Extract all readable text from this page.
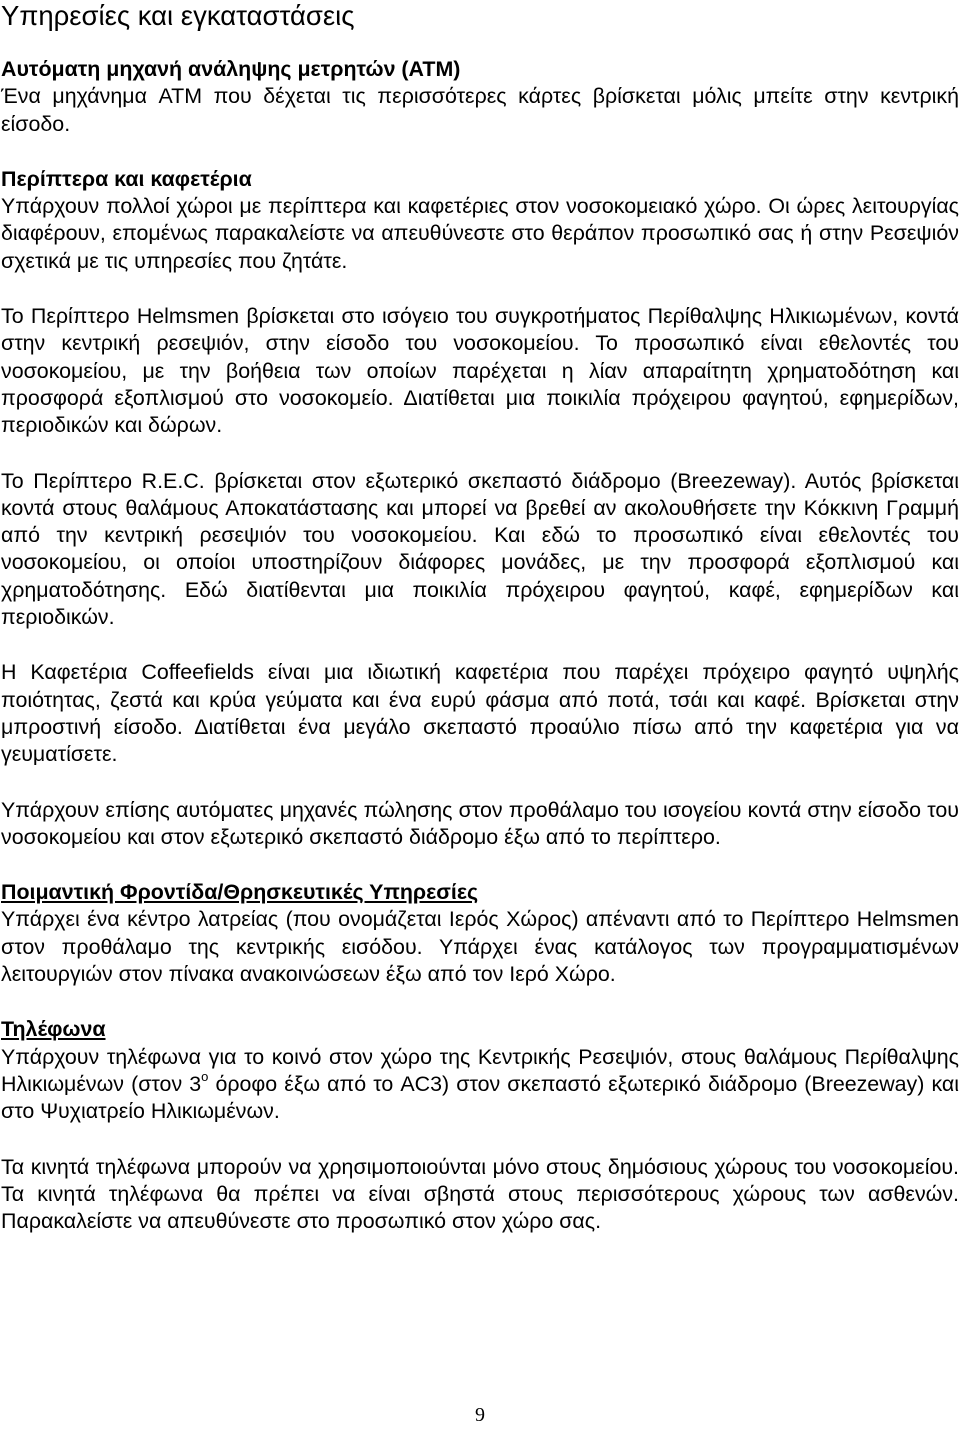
Υπηρεσίες και εγκαταστάσεις
Αυτόματη μηχανή ανάληψης μετρητών (ATM)

Ένα μηχάνημα ATM που δέχεται τις περισσότερες κάρτες βρίσκεται μόλις μπείτε στην κεντρική είσοδο.

Περίπτερα και καφετέρια

Υπάρχουν πολλοί χώροι με περίπτερα και καφετέριες στον νοσοκομειακό χώρο. Οι ώρες λειτουργίας διαφέρουν, επομένως παρακαλείστε να απευθύνεστε στο θεράπον προσωπικό σας ή στην Ρεσεψιόν σχετικά με τις υπηρεσίες που ζητάτε.

Το Περίπτερο Helmsmen βρίσκεται στο ισόγειο του συγκροτήματος Περίθαλψης Ηλικιωμένων, κοντά στην κεντρική ρεσεψιόν, στην είσοδο του νοσοκομείου. Το προσωπικό είναι εθελοντές του νοσοκομείου, με την βοήθεια των οποίων παρέχεται η λίαν απαραίτητη χρηματοδότηση και προσφορά εξοπλισμού στο νοσοκομείο. Διατίθεται μια ποικιλία πρόχειρου φαγητού, εφημερίδων, περιοδικών και δώρων.

Το Περίπτερο R.E.C. βρίσκεται στον εξωτερικό σκεπαστό διάδρομο (Breezeway). Αυτός βρίσκεται κοντά στους θαλάμους Αποκατάστασης και μπορεί να βρεθεί αν ακολουθήσετε την Κόκκινη Γραμμή από την κεντρική ρεσεψιόν του νοσοκομείου. Και εδώ το προσωπικό είναι εθελοντές του νοσοκομείου, οι οποίοι υποστηρίζουν διάφορες μονάδες, με την προσφορά εξοπλισμού και χρηματοδότησης. Εδώ διατίθενται μια ποικιλία πρόχειρου φαγητού, καφέ, εφημερίδων και περιοδικών.

Η Καφετέρια Coffeefields είναι μια ιδιωτική καφετέρια που παρέχει πρόχειρο φαγητό υψηλής ποιότητας, ζεστά και κρύα γεύματα και ένα ευρύ φάσμα από ποτά, τσάι και καφέ. Βρίσκεται στην μπροστινή είσοδο. Διατίθεται ένα μεγάλο σκεπαστό προαύλιο πίσω από την καφετέρια για να γευματίσετε.

Υπάρχουν επίσης αυτόματες μηχανές πώλησης στον προθάλαμο του ισογείου κοντά στην είσοδο του νοσοκομείου και στον εξωτερικό σκεπαστό διάδρομο έξω από το περίπτερο.

Ποιμαντική Φροντίδα/Θρησκευτικές Υπηρεσίες

Υπάρχει ένα κέντρο λατρείας (που ονομάζεται Ιερός Χώρος) απέναντι από το Περίπτερο Helmsmen στον προθάλαμο της κεντρικής εισόδου. Υπάρχει ένας κατάλογος των προγραμματισμένων λειτουργιών στον πίνακα ανακοινώσεων έξω από τον Ιερό Χώρο.

Τηλέφωνα

Υπάρχουν τηλέφωνα για το κοινό στον χώρο της Κεντρικής Ρεσεψιόν, στους θαλάμους Περίθαλψης Ηλικιωμένων (στον $3^o$ όροφο έξω από το AC3) στον σκεπαστό εξωτερικό διάδρομο (Breezeway) και στο Ψυχιατρείο Ηλικιωμένων.

Τα κινητά τηλέφωνα μπορούν να χρησιμοποιούνται μόνο στους δημόσιους χώρους του νοσοκομείου. Τα κινητά τηλέφωνα θα πρέπει να είναι σβηστά στους περισσότερους χώρους των ασθενών. Παρακαλείστε να απευθύνεστε στο προσωπικό στον χώρο σας.

9
